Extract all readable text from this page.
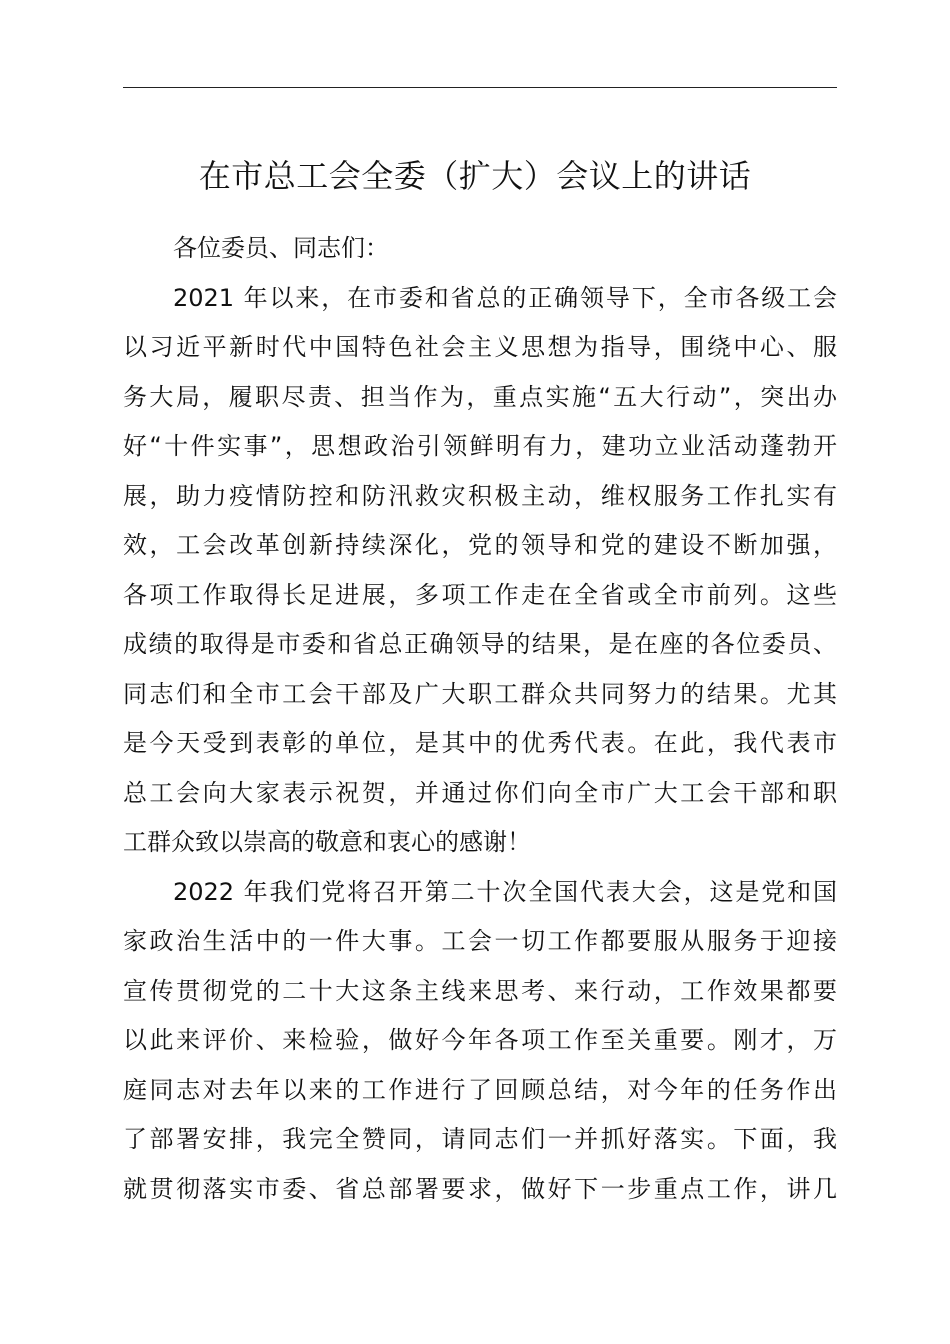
在市总工会全委（扩大）会议上的讲话
各位委员、同志们：
2021 年以来，在市委和省总的正确领导下，全市各级工会
以习近平新时代中国特色社会主义思想为指导，围绕中心、服
务大局，履职尽责、担当作为，重点实施“五大行动”，突出办
好“十件实事”，思想政治引领鲜明有力，建功立业活动蓬勃开
展，助力疫情防控和防汛救灾积极主动，维权服务工作扎实有
效，工会改革创新持续深化，党的领导和党的建设不断加强，
各项工作取得长足进展，多项工作走在全省或全市前列。这些
成绩的取得是市委和省总正确领导的结果，是在座的各位委员、
同志们和全市工会干部及广大职工群众共同努力的结果。尤其
是今天受到表彰的单位，是其中的优秀代表。在此，我代表市
总工会向大家表示祝贺，并通过你们向全市广大工会干部和职
工群众致以崇高的敬意和衷心的感谢！
2022 年我们党将召开第二十次全国代表大会，这是党和国
家政治生活中的一件大事。工会一切工作都要服从服务于迎接
宣传贯彻党的二十大这条主线来思考、来行动，工作效果都要
以此来评价、来检验，做好今年各项工作至关重要。刚才，万
庭同志对去年以来的工作进行了回顾总结，对今年的任务作出
了部署安排，我完全赞同，请同志们一并抓好落实。下面，我
就贯彻落实市委、省总部署要求，做好下一步重点工作，讲几
